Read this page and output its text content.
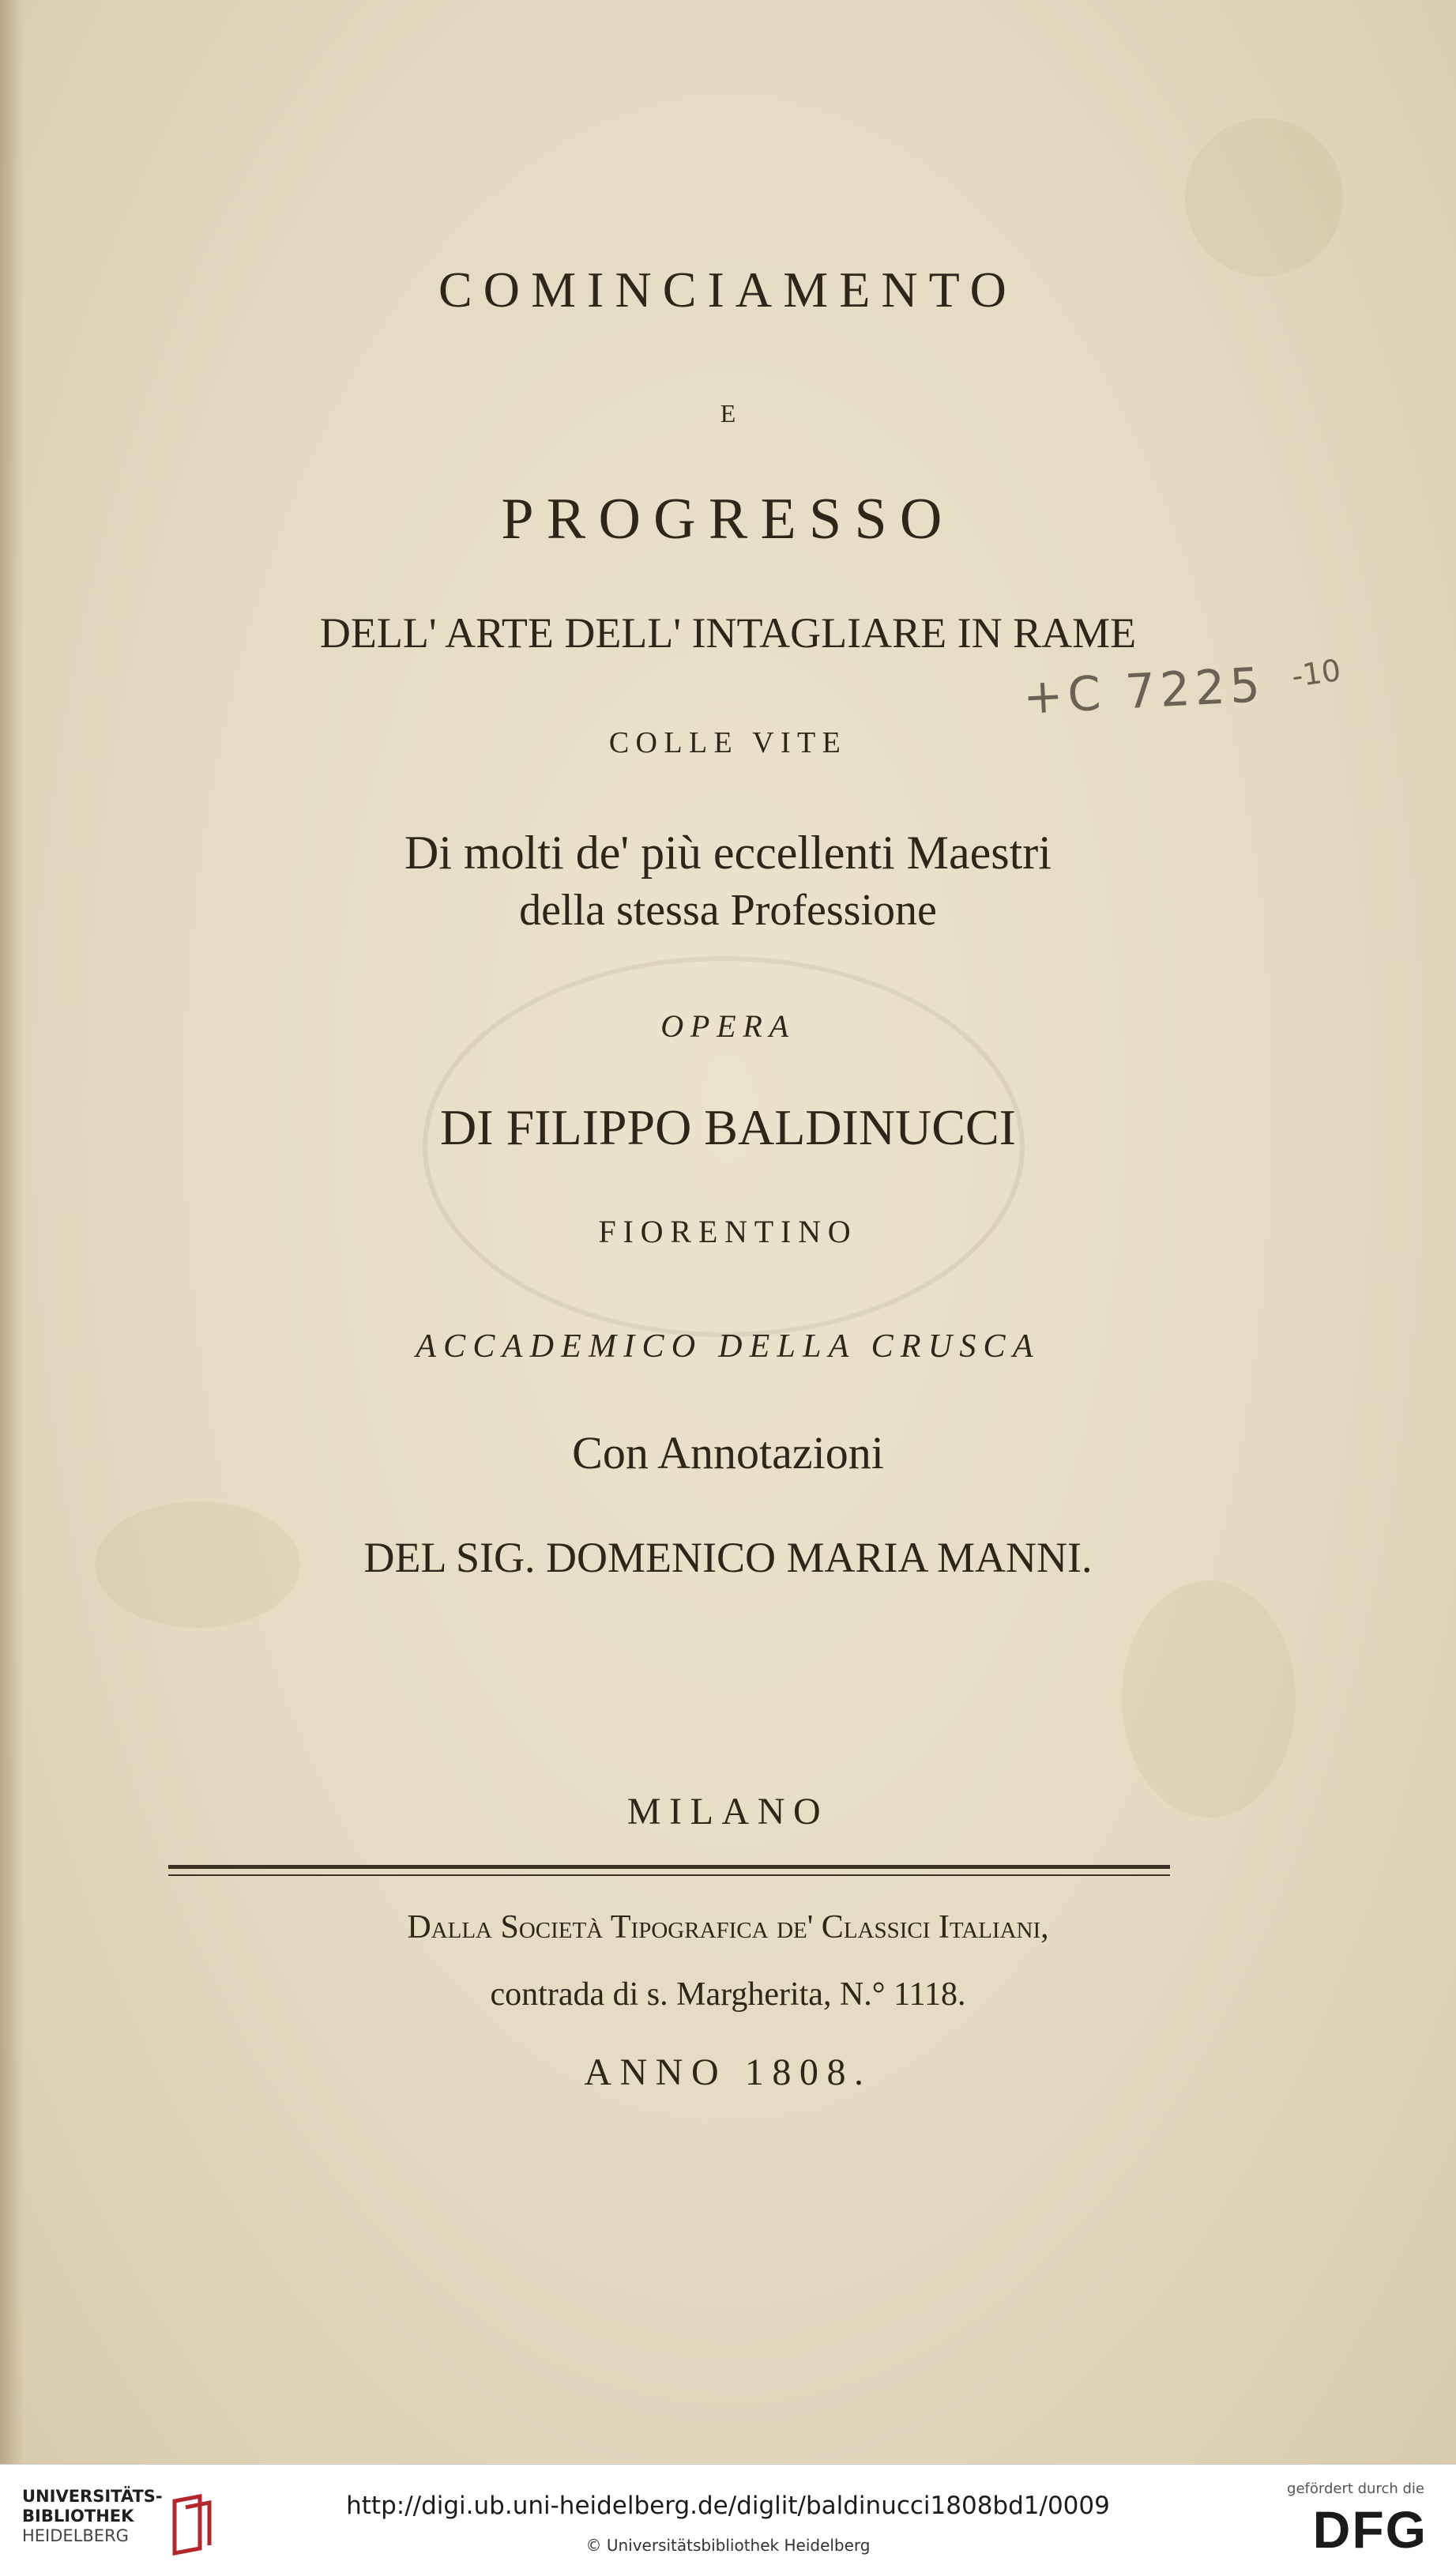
COMINCIAMENTO
E
PROGRESSO
DELL' ARTE DELL' INTAGLIARE IN RAME
COLLE VITE
Di molti de' più eccellenti Maestri
della stessa Professione
OPERA
DI FILIPPO BALDINUCCI
FIORENTINO
ACCADEMICO DELLA CRUSCA
Con Annotazioni
DEL SIG. DOMENICO MARIA MANNI.
+C 7225 -10
MILANO
Dalla Società Tipografica de' Classici Italiani,
contrada di s. Margherita, N.° 1118.
ANNO 1808.
UNIVERSITÄTS-
BIBLIOTHEK
HEIDELBERG
http://digi.ub.uni-heidelberg.de/diglit/baldinucci1808bd1/0009
© Universitätsbibliothek Heidelberg
gefördert durch die
DFG
